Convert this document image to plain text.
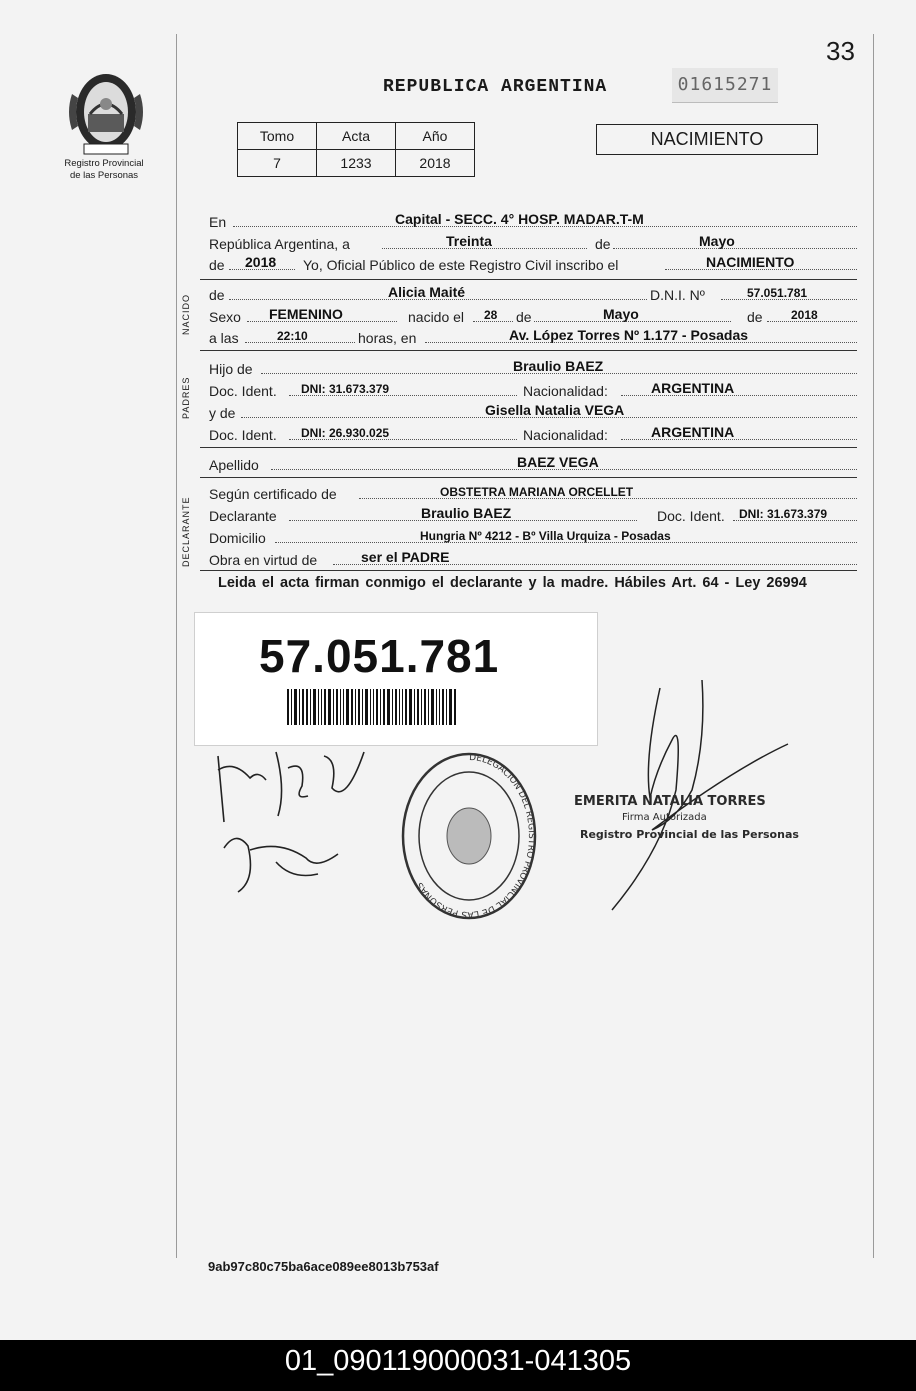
33
Registro Provincial
de las Personas
REPUBLICA ARGENTINA	01615271
Tomo	Acta	Año
7	1233	2018
NACIMIENTO
En	Capital - SECC. 4° HOSP. MADAR.T-M
República Argentina, a	Treinta	de	Mayo
de 2018 Yo, Oficial Público de este Registro Civil inscribo el	NACIMIENTO
NACIDO de	Alicia Maité	D.N.I. Nº	57.051.781
Sexo FEMENINO	nacido el 28 de	Mayo	de 2018
a las	22:10	horas, en	Av. López Torres Nº 1.177 - Posadas
PADRES
Hijo de	Braulio BAEZ
Doc. Ident. DNI: 31.673.379	Nacionalidad:	ARGENTINA
y de	Gisella Natalia VEGA
Doc. Ident. DNI: 26.930.025	Nacionalidad:	ARGENTINA
Apellido	BAEZ VEGA
DECLARANTE
Según certificado de	OBSTETRA MARIANA ORCELLET
Declarante	Braulio BAEZ	Doc. Ident. DNI: 31.673.379
Domicilio	Hungria Nº 4212 - Bº Villa Urquiza - Posadas
Obra en virtud de	ser el PADRE
Leida el acta firman conmigo el declarante y la madre. Hábiles Art. 64 - Ley 26994
57.051.781
DELEGACION DEL REGISTRO PROVINCIAL DE LAS PERSONAS
EMERITA NATALIA TORRES
Firma Autorizada
Registro Provincial de las Personas
9ab97c80c75ba6ace089ee8013b753af
01_090119000031-041305
